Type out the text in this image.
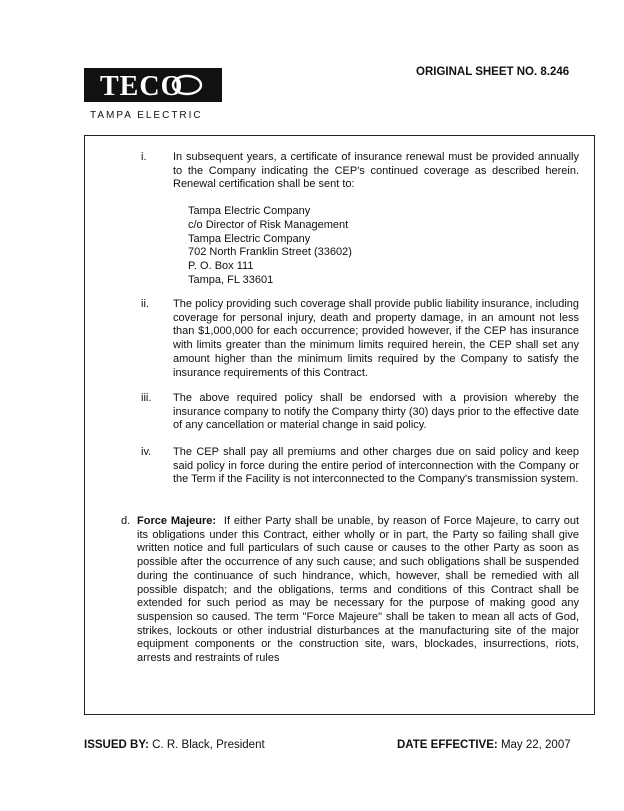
TECO
TAMPA ELECTRIC
ORIGINAL SHEET NO. 8.246
i. In subsequent years, a certificate of insurance renewal must be provided annually to the Company indicating the CEP's continued coverage as described herein. Renewal certification shall be sent to:
Tampa Electric Company
c/o Director of Risk Management
Tampa Electric Company
702 North Franklin Street (33602)
P. O. Box 111
Tampa, FL 33601
ii. The policy providing such coverage shall provide public liability insurance, including coverage for personal injury, death and property damage, in an amount not less than $1,000,000 for each occurrence; provided however, if the CEP has insurance with limits greater than the minimum limits required herein, the CEP shall set any amount higher than the minimum limits required by the Company to satisfy the insurance requirements of this Contract.
iii. The above required policy shall be endorsed with a provision whereby the insurance company to notify the Company thirty (30) days prior to the effective date of any cancellation or material change in said policy.
iv. The CEP shall pay all premiums and other charges due on said policy and keep said policy in force during the entire period of interconnection with the Company or the Term if the Facility is not interconnected to the Company's transmission system.
d. Force Majeure: If either Party shall be unable, by reason of Force Majeure, to carry out its obligations under this Contract, either wholly or in part, the Party so failing shall give written notice and full particulars of such cause or causes to the other Party as soon as possible after the occurrence of any such cause; and such obligations shall be suspended during the continuance of such hindrance, which, however, shall be remedied with all possible dispatch; and the obligations, terms and conditions of this Contract shall be extended for such period as may be necessary for the purpose of making good any suspension so caused. The term "Force Majeure" shall be taken to mean all acts of God, strikes, lockouts or other industrial disturbances at the manufacturing site of the major equipment components or the construction site, wars, blockades, insurrections, riots, arrests and restraints of rules
ISSUED BY: C. R. Black, President	DATE EFFECTIVE: May 22, 2007
